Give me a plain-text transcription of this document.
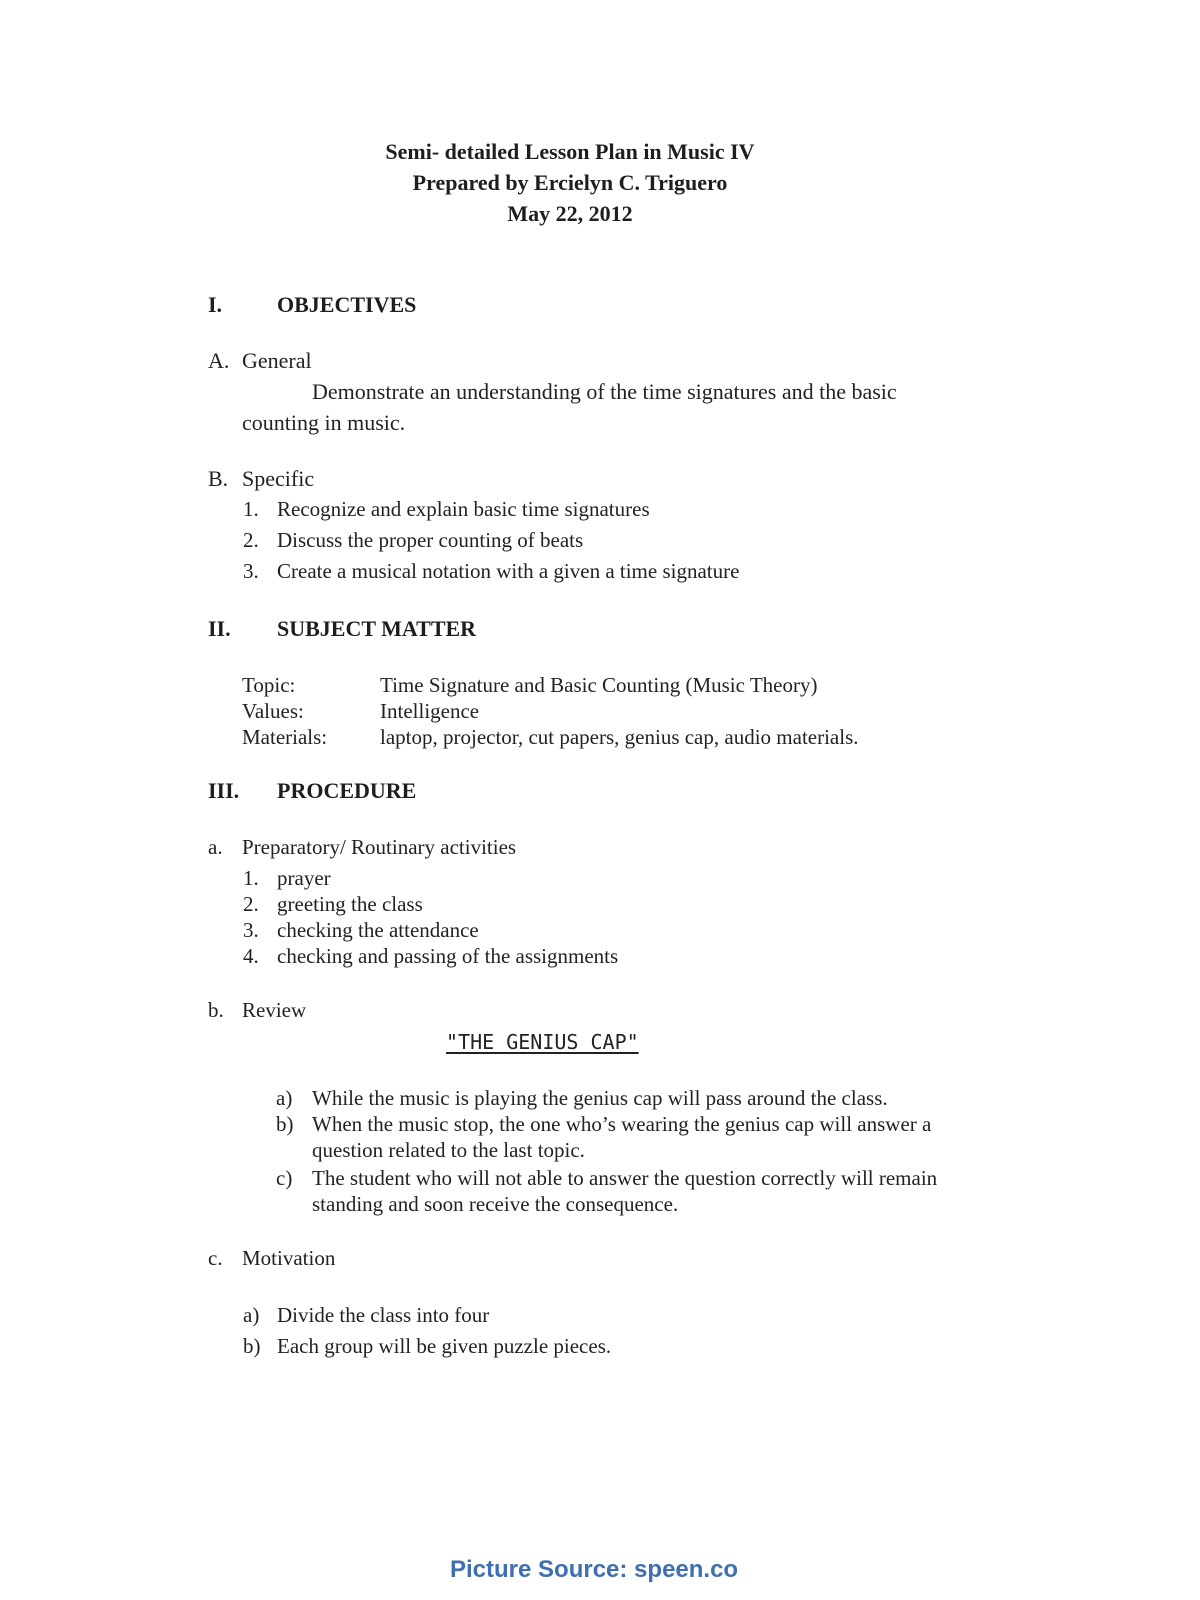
Semi- detailed Lesson Plan in Music IV
Prepared by Ercielyn C. Triguero
May 22, 2012
I. OBJECTIVES
A. General
Demonstrate an understanding of the time signatures and the basic
counting in music.
B. Specific
1. Recognize and explain basic time signatures
2. Discuss the proper counting of beats
3. Create a musical notation with a given a time signature
II. SUBJECT MATTER
Topic:	Time Signature and Basic Counting (Music Theory)
Values:	Intelligence
Materials:	laptop, projector, cut papers, genius cap, audio materials.
III. PROCEDURE
a. Preparatory/ Routinary activities
1. prayer
2. greeting the class
3. checking the attendance
4. checking and passing of the assignments
b. Review
"THE GENIUS CAP"
a) While the music is playing the genius cap will pass around the class.
b) When the music stop, the one who’s wearing the genius cap will answer a
question related to the last topic.
c) The student who will not able to answer the question correctly will remain
standing and soon receive the consequence.
c. Motivation
a) Divide the class into four
b) Each group will be given puzzle pieces.
Picture Source: speen.co
